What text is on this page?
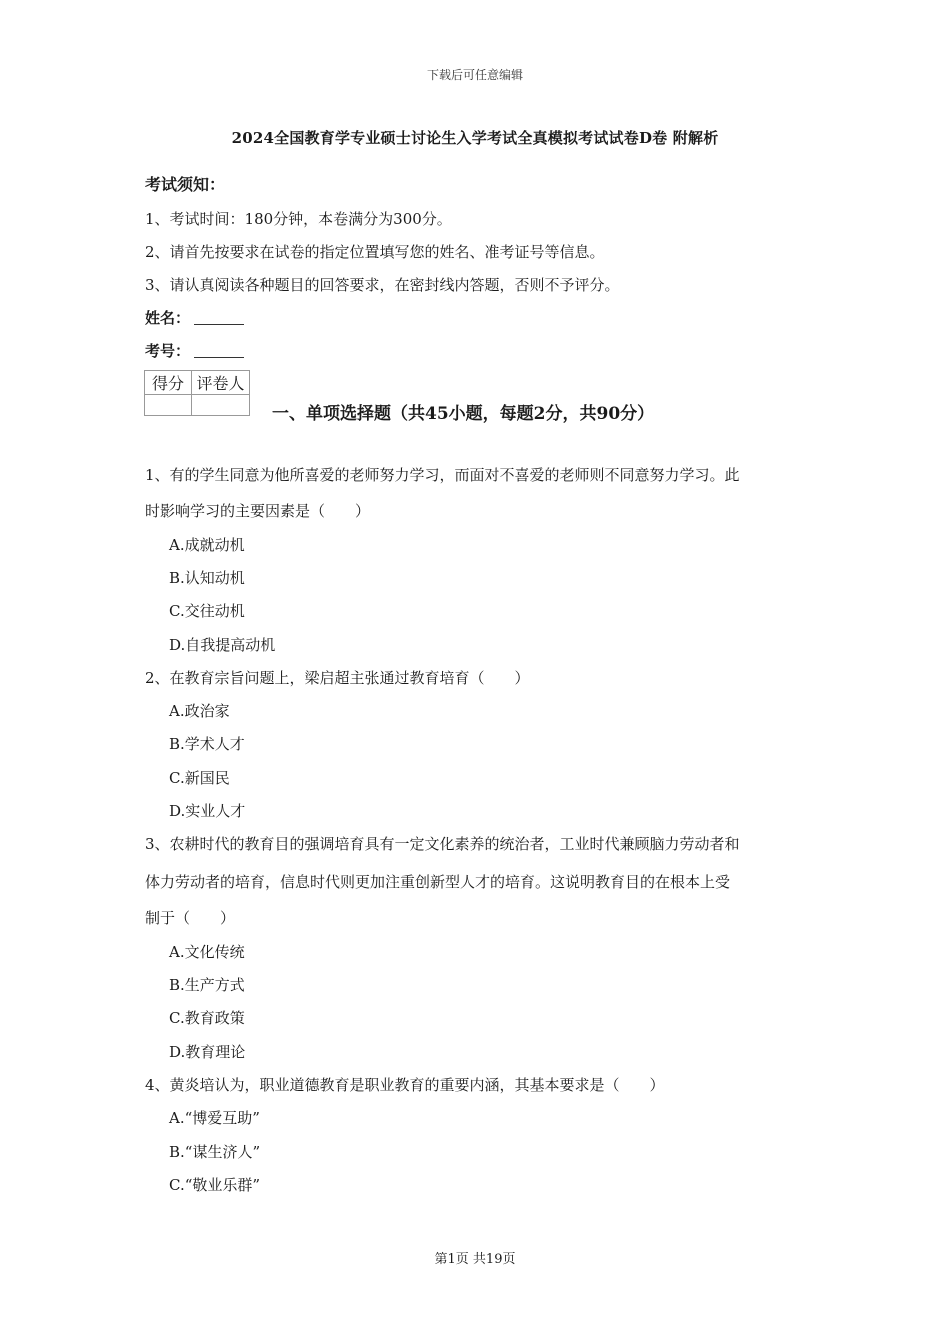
下载后可任意编辑
2024全国教育学专业硕士讨论生入学考试全真模拟考试试卷D卷 附解析
考试须知：
1、考试时间：180分钟，本卷满分为300分。
2、请首先按要求在试卷的指定位置填写您的姓名、准考证号等信息。
3、请认真阅读各种题目的回答要求，在密封线内答题，否则不予评分。
姓名：
考号：
得分	评卷人

一、单项选择题（共45小题，每题2分，共90分）
1、有的学生同意为他所喜爱的老师努力学习，而面对不喜爱的老师则不同意努力学习。此
时影响学习的主要因素是（　　）
A.成就动机
B.认知动机
C.交往动机
D.自我提高动机
2、在教育宗旨问题上，梁启超主张通过教育培育（　　）
A.政治家
B.学术人才
C.新国民
D.实业人才
3、农耕时代的教育目的强调培育具有一定文化素养的统治者，工业时代兼顾脑力劳动者和
体力劳动者的培育，信息时代则更加注重创新型人才的培育。这说明教育目的在根本上受
制于（　　）
A.文化传统
B.生产方式
C.教育政策
D.教育理论
4、黄炎培认为，职业道德教育是职业教育的重要内涵，其基本要求是（　　）
A.“博爱互助”
B.“谋生济人”
C.“敬业乐群”
第1页 共19页
